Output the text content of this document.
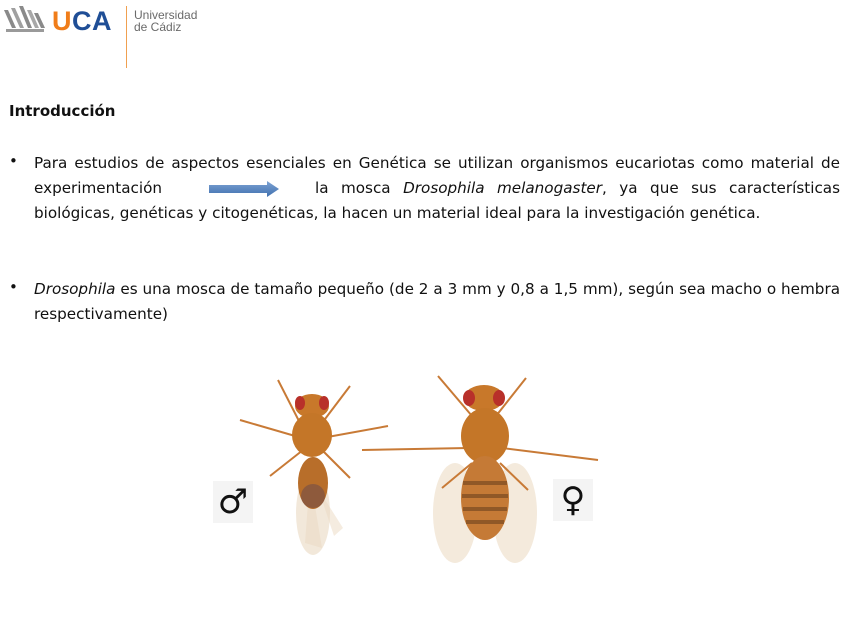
UCA Universidad
de Cádiz
Introducción
• Para estudios de aspectos esenciales en Genética se utilizan organismos eucariotas como material de experimentación	la mosca Drosophila melanogaster, ya que sus características biológicas, genéticas y citogenéticas, la hacen un material ideal para la investigación genética.
• Drosophila es una mosca de tamaño pequeño (de 2 a 3 mm y 0,8 a 1,5 mm), según sea macho o hembra respectivamente)
♂	♀
